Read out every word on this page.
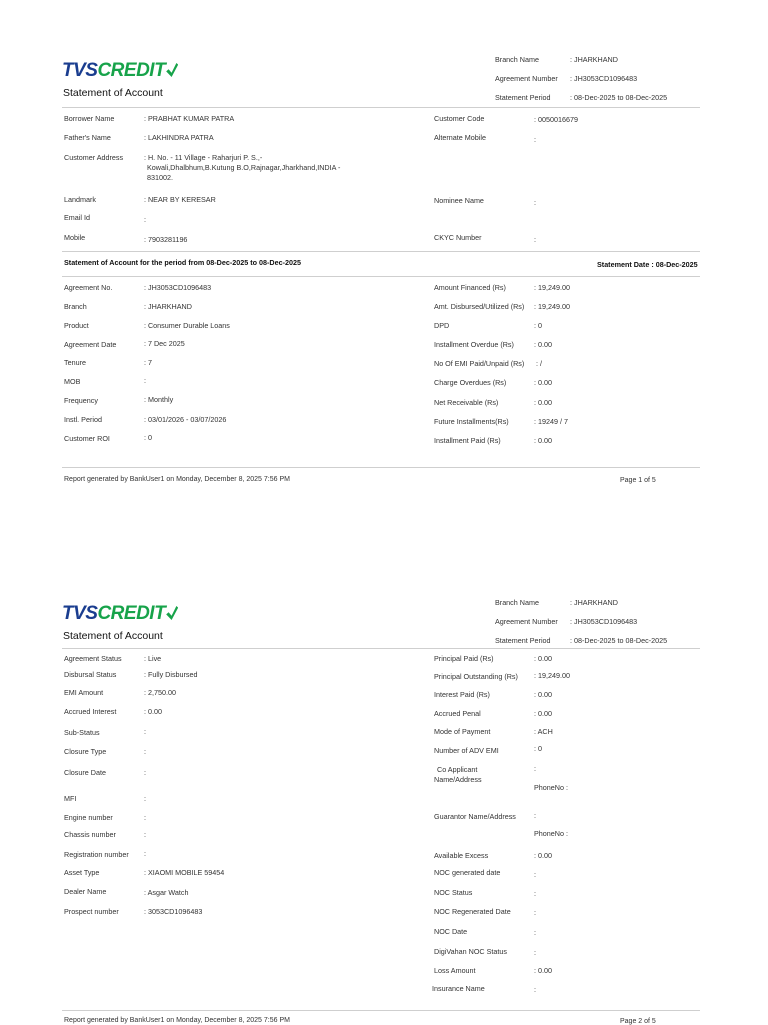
TVSCREDIT
Statement of Account
Branch Name	: JHARKHAND
Agreement Number : JH3053CD1096483
Statement Period	: 08-Dec-2025 to 08-Dec-2025
Borrower Name	: PRABHAT KUMAR PATRA
Father's Name	: LAKHINDRA PATRA
Customer Address	: H. No. - 11 Village - Raharjuri P. S.,-
Kowali,Dhalbhum,B.Kutung B.O,Rajnagar,Jharkhand,INDIA -
831002.
Landmark	: NEAR BY KERESAR
Email Id	:
Mobile	: 7903281196
Customer Code	: 0050016679
Alternate Mobile	:
Nominee Name	:
CKYC Number	:
Statement of Account for the period from 08-Dec-2025 to 08-Dec-2025	Statement Date : 08-Dec-2025
Agreement No.	: JH3053CD1096483
Branch	: JHARKHAND
Product	: Consumer Durable Loans
Agreement Date	: 7 Dec 2025
Tenure	: 7
MOB	:
Frequency	: Monthly
Instl. Period	: 03/01/2026 - 03/07/2026
Customer ROI	: 0
Amount Financed (Rs)	: 19,249.00
Amt. Disbursed/Utilized (Rs) : 19,249.00
DPD	: 0
Installment Overdue (Rs)	: 0.00
No Of EMI Paid/Unpaid (Rs) : /
Charge Overdues (Rs)	: 0.00
Net Receivable (Rs)	: 0.00
Future Installments(Rs)	: 19249 / 7
Installment Paid (Rs)	: 0.00
Report generated by BankUser1 on Monday, December 8, 2025 7:56 PM	Page 1 of 5
TVSCREDIT
Statement of Account
Branch Name	: JHARKHAND
Agreement Number : JH3053CD1096483
Statement Period	: 08-Dec-2025 to 08-Dec-2025
Agreement Status	: Live
Disbursal Status	: Fully Disbursed
EMI Amount	: 2,750.00
Accrued Interest	: 0.00
Sub-Status	:
Closure Type	:
Closure Date	:
MFI	:
Engine number	:
Chassis number	:
Registration number :
Asset Type	: XIAOMI MOBILE 59454
Dealer Name	: Asgar Watch
Prospect number	: 3053CD1096483
Principal Paid (Rs)	: 0.00
Principal Outstanding (Rs) : 19,249.00
Interest Paid (Rs)	: 0.00
Accrued Penal	: 0.00
Mode of Payment	: ACH
Number of ADV EMI	: 0
Co Applicant
Name/Address
:
PhoneNo :
Guarantor Name/Address	:
PhoneNo :
Available Excess	: 0.00
NOC generated date	:
NOC Status	:
NOC Regenerated Date	:
NOC Date	:
DigiVahan NOC Status	:
Loss Amount	: 0.00
Insurance Name	:
Report generated by BankUser1 on Monday, December 8, 2025 7:56 PM	Page 2 of 5
